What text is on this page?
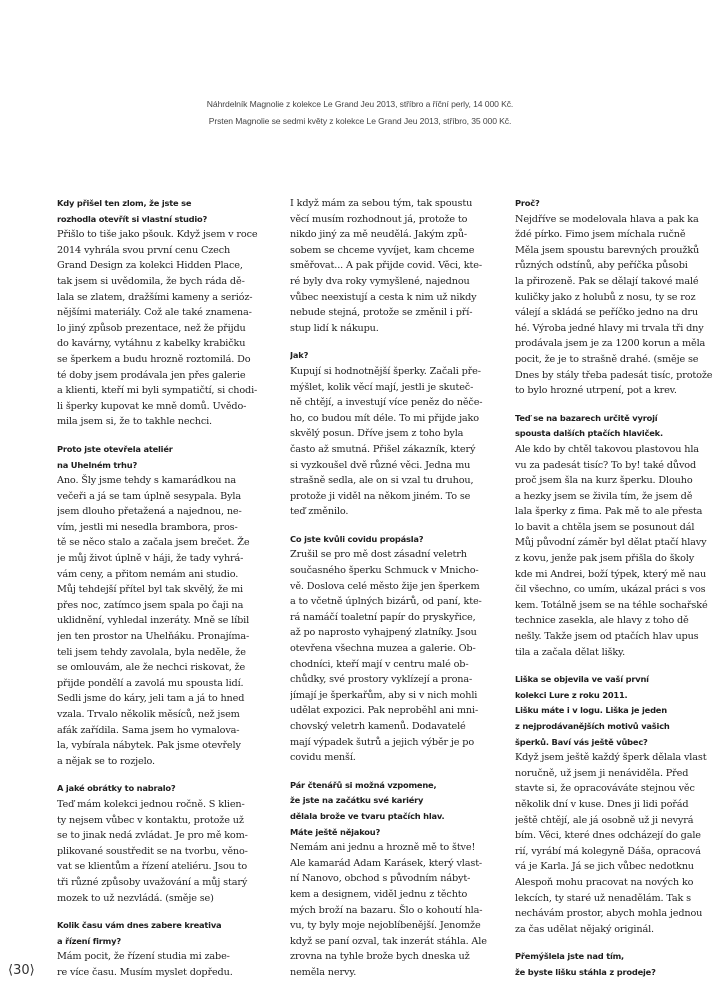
Náhrdelník Magnolie z kolekce Le Grand Jeu 2013, stříbro a říční perly, 14 000 Kč.
Prsten Magnolie se sedmi květy z kolekce Le Grand Jeu 2013, stříbro, 35 000 Kč.
Kdy přišel ten zlom, že jste se
rozhodla otevřít si vlastní studio?
Přišlo to tiše jako pšouk. Když jsem v roce
2014 vyhrála svou první cenu Czech
Grand Design za kolekci Hidden Place,
tak jsem si uvědomila, že bych ráda dě-
lala se zlatem, dražšími kameny a serióz-
nějšími materiály. Což ale také znamena-
lo jiný způsob prezentace, než že přijdu
do kavárny, vytáhnu z kabelky krabičku
se šperkem a budu hrozně roztomilá. Do
té doby jsem prodávala jen přes galerie
a klienti, kteří mi byli sympatičtí, si chodi-
li šperky kupovat ke mně domů. Uvědo-
mila jsem si, že to takhle nechci.
Proto jste otevřela ateliér
na Uhelném trhu?
Ano. Šly jsme tehdy s kamarádkou na
večeři a já se tam úplně sesypala. Byla
jsem dlouho přetažená a najednou, ne-
vím, jestli mi nesedla brambora, pros-
tě se něco stalo a začala jsem brečet. Že
je můj život úplně v háji, že tady vyhrá-
vám ceny, a přitom nemám ani studio.
Můj tehdejší přítel byl tak skvělý, že mi
přes noc, zatímco jsem spala po čaji na
uklidnění, vyhledal inzeráty. Mně se líbil
jen ten prostor na Uhelňáku. Pronajíma-
teli jsem tehdy zavolala, byla neděle, že
se omlouvám, ale že nechci riskovat, že
přijde pondělí a zavolá mu spousta lidí.
Sedli jsme do káry, jeli tam a já to hned
vzala. Trvalo několik měsíců, než jsem
afák zařídila. Sama jsem ho vymalova-
la, vybírala nábytek. Pak jsme otevřely
a nějak se to rozjelo.
A jaké obrátky to nabralo?
Teď mám kolekci jednou ročně. S klien-
ty nejsem vůbec v kontaktu, protože už
se to jinak nedá zvládat. Je pro mě kom-
plikované soustředit se na tvorbu, věno-
vat se klientům a řízení ateliéru. Jsou to
tři různé způsoby uvažování a můj starý
mozek to už nezvládá. (směje se)
Kolik času vám dnes zabere kreativa
a řízení firmy?
Mám pocit, že řízení studia mi zabe-
re více času. Musím myslet dopředu.
I když mám za sebou tým, tak spoustu
věcí musím rozhodnout já, protože to
nikdo jiný za mě neudělá. Jakým způ-
sobem se chceme vyvíjet, kam chceme
směřovat... A pak přijde covid. Věci, kte-
ré byly dva roky vymyšlené, najednou
vůbec neexistují a cesta k nim už nikdy
nebude stejná, protože se změnil i pří-
stup lidí k nákupu.
Jak?
Kupují si hodnotnější šperky. Začali pře-
mýšlet, kolik věcí mají, jestli je skuteč-
ně chtějí, a investují více peněz do něče-
ho, co budou mít déle. To mi přijde jako
skvělý posun. Dříve jsem z toho byla
často až smutná. Přišel zákazník, který
si vyzkoušel dvě různé věci. Jedna mu
strašně sedla, ale on si vzal tu druhou,
protože ji viděl na někom jiném. To se
teď změnilo.
Co jste kvůli covidu propásla?
Zrušil se pro mě dost zásadní veletrh
současného šperku Schmuck v Mnicho-
vě. Doslova celé město žije jen šperkem
a to včetně úplných bizárů, od paní, kte-
rá namáčí toaletní papír do pryskyřice,
až po naprosto vyhajpený zlatníky. Jsou
otevřena všechna muzea a galerie. Ob-
chodníci, kteří mají v centru malé ob-
chůdky, své prostory vyklízejí a prona-
jímají je šperkařům, aby si v nich mohli
udělat expozici. Pak neproběhl ani mni-
chovský veletrh kamenů. Dodavatelé
mají výpadek šutrů a jejich výběr je po
covidu menší.
Pár čtenářů si možná vzpomene,
že jste na začátku své kariéry
dělala brože ve tvaru ptačích hlav.
Máte ještě nějakou?
Nemám ani jednu a hrozně mě to štve!
Ale kamarád Adam Karásek, který vlast-
ní Nanovo, obchod s původním nábyt-
kem a designem, viděl jednu z těchto
mých broží na bazaru. Šlo o kohoutí hla-
vu, ty byly moje nejoblíbenější. Jenomže
když se paní ozval, tak inzerát stáhla. Ale
zrovna na tyhle brože bych dneska už
neměla nervy.
Proč?
Nejdříve se modelovala hlava a pak ka
ždé pírko. Fimo jsem míchala ručně
Měla jsem spoustu barevných proužků
různých odstínů, aby peříčka působi
la přirozeně. Pak se dělají takové malé
kuličky jako z holubů z nosu, ty se roz
válejí a skládá se peříčko jedno na dru
hé. Výroba jedné hlavy mi trvala tři dny
prodávala jsem je za 1200 korun a měla
pocit, že je to strašně drahé. (směje se
Dnes by stály třeba padesát tisíc, protože
to bylo hrozné utrpení, pot a krev.
Teď se na bazarech určitě vyrojí
spousta dalších ptačích hlaviček.
Ale kdo by chtěl takovou plastovou hla
vu za padesát tisíc? To by! také důvod
proč jsem šla na kurz šperku. Dlouho
a hezky jsem se živila tím, že jsem dě
lala šperky z fima. Pak mě to ale přesta
lo bavit a chtěla jsem se posunout dál
Můj původní záměr byl dělat ptačí hlavy
z kovu, jenže pak jsem přišla do školy
kde mi Andrei, boží týpek, který mě nau
čil všechno, co umím, ukázal práci s vos
kem. Totálně jsem se na téhle sochařské
technice zasekla, ale hlavy z toho dě
nešly. Takže jsem od ptačích hlav upus
tila a začala dělat lišky.
Liška se objevila ve vaší první
kolekci Lure z roku 2011.
Lišku máte i v logu. Liška je jeden
z nejprodávanějších motivů vašich
šperků. Baví vás ještě vůbec?
Když jsem ještě každý šperk dělala vlast
noručně, už jsem ji nenáviděla. Před
stavte si, že opracováváte stejnou věc
několik dní v kuse. Dnes ji lidi pořád
ještě chtějí, ale já osobně už ji nevyrá
bím. Věci, které dnes odcházejí do gale
rií, vyrábí má kolegyně Dáša, opracová
vá je Karla. Já se jich vůbec nedotknu
Alespoň mohu pracovat na nových ko
lekcích, ty staré už nenadělám. Tak s
nechávám prostor, abych mohla jednou
za čas udělat nějaký originál.
Přemýšlela jste nad tím,
že byste lišku stáhla z prodeje?
⟨30⟩
